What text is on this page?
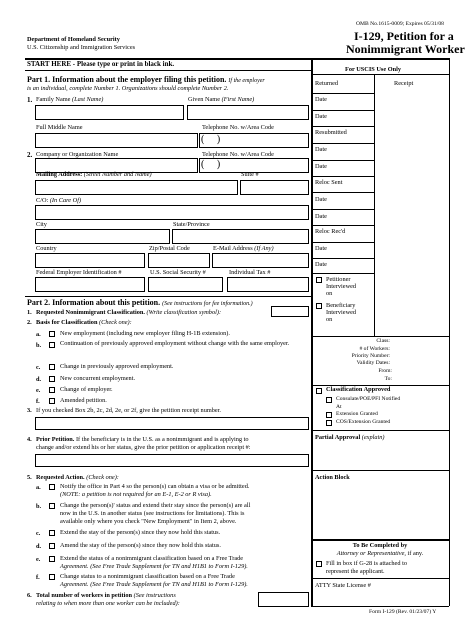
OMB No.1615-0009; Expires 05/31/08
Department of Homeland Security
U.S. Citizenship and Immigration Services
I-129, Petition for a
Nonimmigrant Worker
START HERE - Please type or print in black ink.
For USCIS Use Only
Part 1. Information about the employer filing this petition. If the employer
is an individual, complete Number 1. Organizations should complete Number 2.
1. Family Name (Last Name)	Given Name (First Name)
Full Middle Name	Telephone No. w/Area Code
(     )
2. Company or Organization Name	Telephone No. w/Area Code
(     )
Mailing Address: (Street Number and Name)	Suite #
C/O: (In Care Of)
City	State/Province
Country	Zip/Postal Code	E-Mail Address (If Any)
Federal Employer Identification #	U.S. Social Security #	Individual Tax #
Part 2. Information about this petition. (See instructions for fee information.)
1. Requested Nonimmigrant Classification. (Write classification symbol):
2. Basis for Classification (Check one):
a.	New employment (including new employer filing H-1B extension).
b.	Continuation of previously approved employment without change with the same employer.
c.	Change in previously approved employment.
d.	New concurrent employment.
e.	Change of employer.
f.	Amended petition.
3. If you checked Box 2b, 2c, 2d, 2e, or 2f, give the petition receipt number.
4. Prior Petition. If the beneficiary is in the U.S. as a nonimmigrant and is applying to
change and/or extend his or her status, give the prior petition or application receipt #:
5. Requested Action. (Check one):
a.	Notify the office in Part 4 so the person(s) can obtain a visa or be admitted.
(NOTE: a petition is not required for an E-1, E-2 or R visa).
b.	Change the person(s)' status and extend their stay since the person(s) are all
now in the U.S. in another status (see instructions for limitations). This is
available only where you check "New Employment" in Item 2, above.
c.	Extend the stay of the person(s) since they now hold this status.
d.	Amend the stay of the person(s) since they now hold this status.
e.	Extend the status of a nonimmigrant classification based on a Free Trade
Agreement. (See Free Trade Supplement for TN and H1B1 to Form I-129).
f.	Change status to a nonimmigrant classification based on a Free Trade
Agreement. (See Free Trade Supplement for TN and H1B1 to Form I-129).
6. Total number of workers in petition (See instructions
relating to when more than one worker can be included):
Returned	Receipt
Date
Date
Resubmitted
Date
Date
Reloc Sent
Date
Date
Reloc Rec'd
Date
Date
Petitioner
Interviewed
on
Beneficiary
Interviewed
on
Class:
# of Workers:
Priority Number:
Validity Dates:
From:
To:
Classification Approved
Consulate/POE/PFI Notified
At
Extension Granted
COS/Extension Granted
Partial Approval (explain)
Action Block
To Be Completed by
Attorney or Representative, if any.
Fill in box if G-28 is attached to
represent the applicant.
ATTY State License #
Form I-129 (Rev. 01/23/07) Y
